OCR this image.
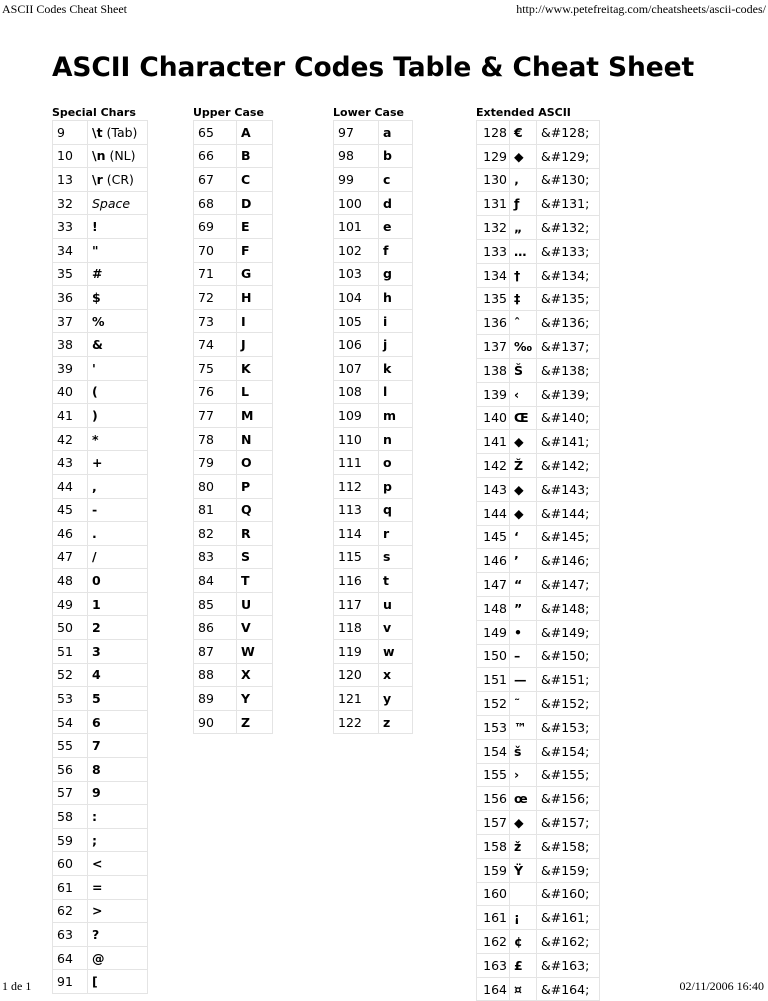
ASCII Codes Cheat Sheet	http://www.petefreitag.com/cheatsheets/ascii-codes/
ASCII Character Codes Table & Cheat Sheet
Special Chars
9	\t (Tab)
10	\n (NL)
13	\r (CR)
32	Space
33	!
34	"
35	#
36	$
37	%
38	&
39	'
40	(
41	)
42	*
43	+
44	,
45	-
46	.
47	/
48	0
49	1
50	2
51	3
52	4
53	5
54	6
55	7
56	8
57	9
58	:
59	;
60	<
61	=
62	>
63	?
64	@
91	[
Upper Case
65	A
66	B
67	C
68	D
69	E
70	F
71	G
72	H
73	I
74	J
75	K
76	L
77	M
78	N
79	O
80	P
81	Q
82	R
83	S
84	T
85	U
86	V
87	W
88	X
89	Y
90	Z
Lower Case
97	a
98	b
99	c
100	d
101	e
102	f
103	g
104	h
105	i
106	j
107	k
108	l
109	m
110	n
111	o
112	p
113	q
114	r
115	s
116	t
117	u
118	v
119	w
120	x
121	y
122	z
Extended ASCII
128	€	&#128;
129	◆	&#129;
130	‚	&#130;
131	ƒ	&#131;
132	„	&#132;
133	…	&#133;
134	†	&#134;
135	‡	&#135;
136	ˆ	&#136;
137	‰	&#137;
138	Š	&#138;
139	‹	&#139;
140	Œ	&#140;
141	◆	&#141;
142	Ž	&#142;
143	◆	&#143;
144	◆	&#144;
145	‘	&#145;
146	’	&#146;
147	“	&#147;
148	”	&#148;
149	•	&#149;
150	–	&#150;
151	—	&#151;
152	˜	&#152;
153	™	&#153;
154	š	&#154;
155	›	&#155;
156	œ	&#156;
157	◆	&#157;
158	ž	&#158;
159	Ÿ	&#159;
160		&#160;
161	¡	&#161;
162	¢	&#162;
163	£	&#163;
164	¤	&#164;
1 de 1	02/11/2006 16:40
